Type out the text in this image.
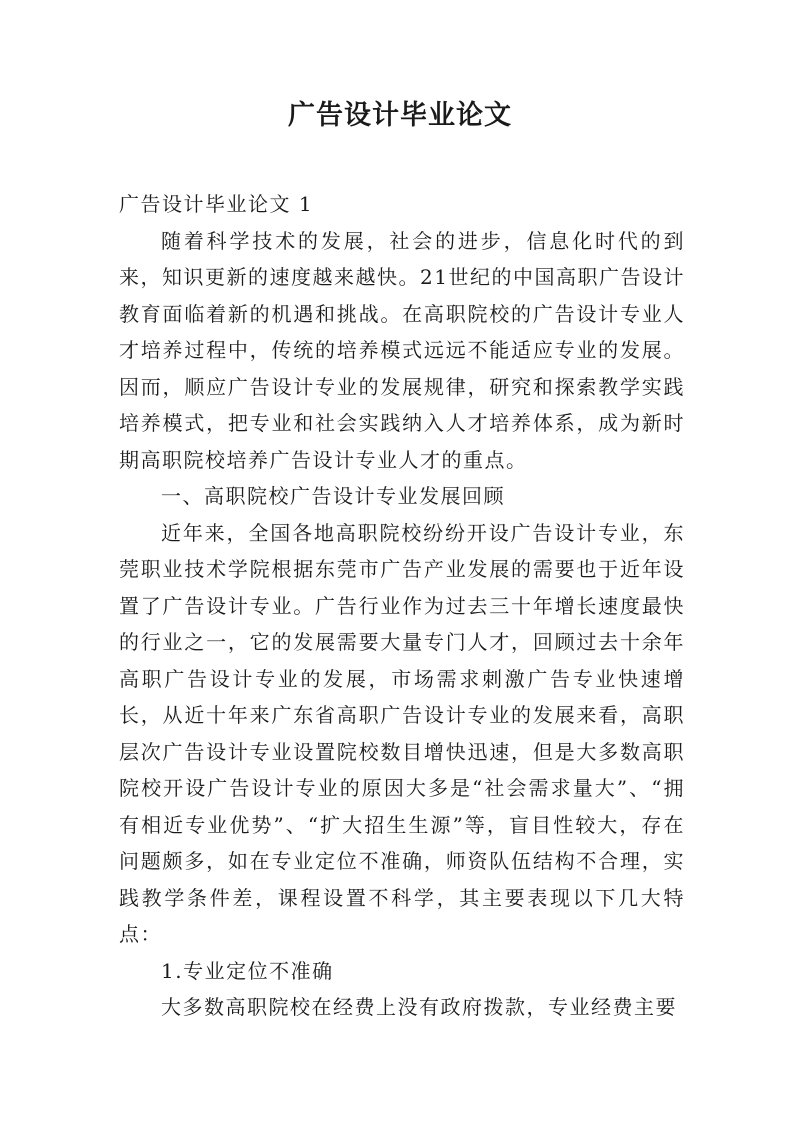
广告设计毕业论文

广告设计毕业论文 1

随着科学技术的发展，社会的进步，信息化时代的到来，知识更新的速度越来越快。21世纪的中国高职广告设计教育面临着新的机遇和挑战。在高职院校的广告设计专业人才培养过程中，传统的培养模式远远不能适应专业的发展。因而，顺应广告设计专业的发展规律，研究和探索教学实践培养模式，把专业和社会实践纳入人才培养体系，成为新时期高职院校培养广告设计专业人才的重点。

一、高职院校广告设计专业发展回顾

近年来，全国各地高职院校纷纷开设广告设计专业，东莞职业技术学院根据东莞市广告产业发展的需要也于近年设置了广告设计专业。广告行业作为过去三十年增长速度最快的行业之一，它的发展需要大量专门人才，回顾过去十余年高职广告设计专业的发展，市场需求刺激广告专业快速增长，从近十年来广东省高职广告设计专业的发展来看，高职层次广告设计专业设置院校数目增快迅速，但是大多数高职院校开设广告设计专业的原因大多是“社会需求量大”、“拥有相近专业优势”、“扩大招生生源”等，盲目性较大，存在问题颇多，如在专业定位不准确，师资队伍结构不合理，实践教学条件差，课程设置不科学，其主要表现以下几大特点：

1.专业定位不准确

大多数高职院校在经费上没有政府拨款，专业经费主要
